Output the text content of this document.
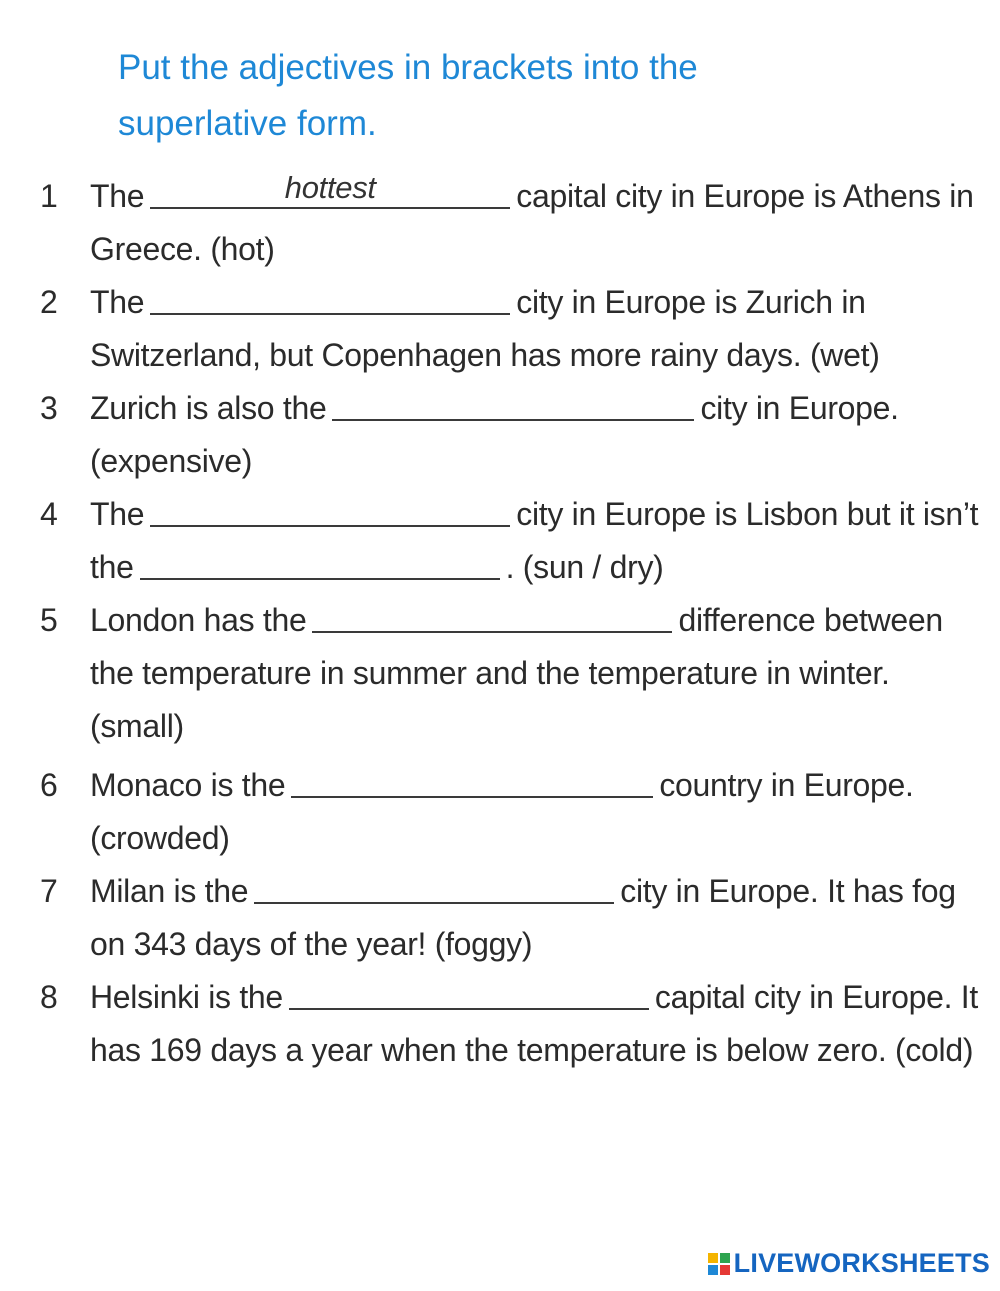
Put the adjectives in brackets into the superlative form.
1	The	hottest	capital city in Europe is Athens in Greece. (hot)
2	The	city in Europe is Zurich in Switzerland, but Copenhagen has more rainy days. (wet)
3	Zurich is also the	city in Europe. (expensive)
4	The	city in Europe is Lisbon but it isn’t the	. (sun / dry)
5	London has the	difference between the temperature in summer and the temperature in winter. (small)
6	Monaco is the	country in Europe. (crowded)
7	Milan is the	city in Europe. It has fog on 343 days of the year! (foggy)
8	Helsinki is the	capital city in Europe. It has 169 days a year when the temperature is below zero. (cold)
LIVEWORKSHEETS
